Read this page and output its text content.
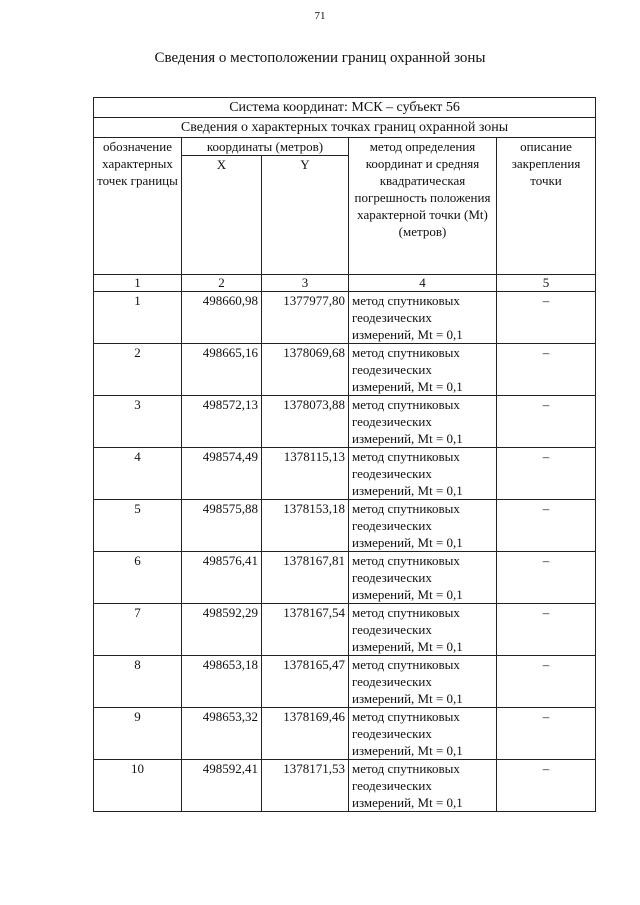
71
Сведения о местоположении границ охранной зоны
Система координат: МСК – субъект 56				
Сведения о характерных точках границ охранной зоны				
обозначение характерных точек границы	координаты (метров)		метод определения координат и средняя квадратическая погрешность положения характерной точки (Mt) (метров)	описание закрепления точки
	X	Y		
1	2	3	4	5
1	498660,98	1377977,80	метод спутниковых геодезических измерений, Mt = 0,1	–
2	498665,16	1378069,68	метод спутниковых геодезических измерений, Mt = 0,1	–
3	498572,13	1378073,88	метод спутниковых геодезических измерений, Mt = 0,1	–
4	498574,49	1378115,13	метод спутниковых геодезических измерений, Mt = 0,1	–
5	498575,88	1378153,18	метод спутниковых геодезических измерений, Mt = 0,1	–
6	498576,41	1378167,81	метод спутниковых геодезических измерений, Mt = 0,1	–
7	498592,29	1378167,54	метод спутниковых геодезических измерений, Mt = 0,1	–
8	498653,18	1378165,47	метод спутниковых геодезических измерений, Mt = 0,1	–
9	498653,32	1378169,46	метод спутниковых геодезических измерений, Mt = 0,1	–
10	498592,41	1378171,53	метод спутниковых геодезических измерений, Mt = 0,1	–
